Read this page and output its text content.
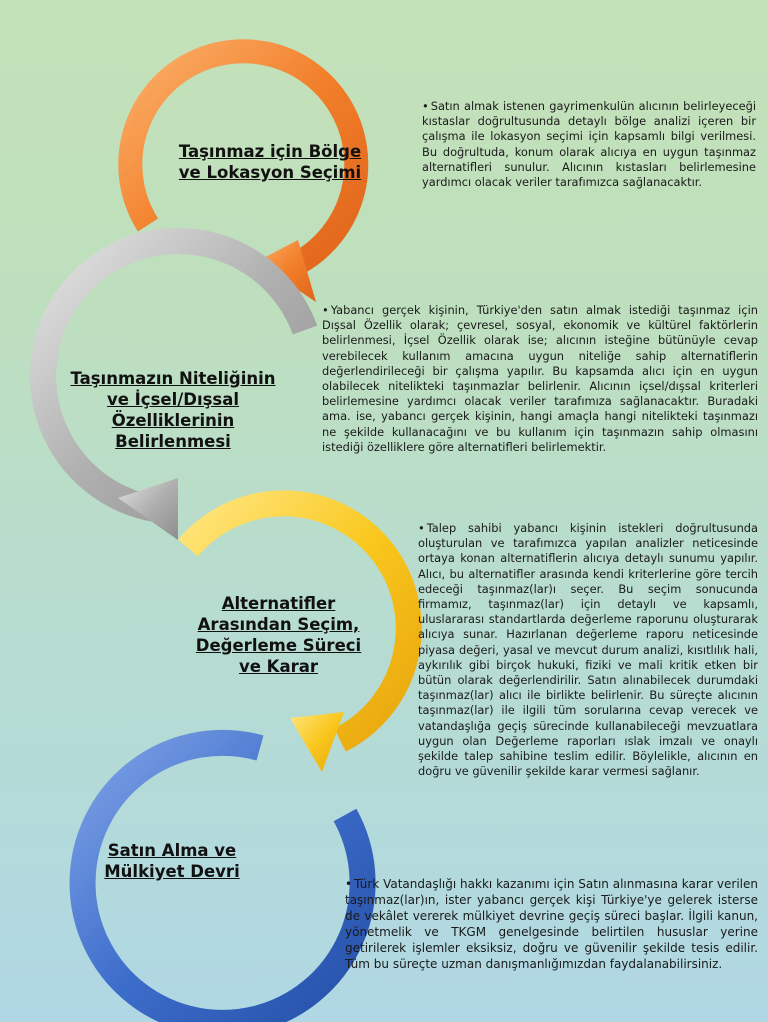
Taşınmaz için Bölge
ve Lokasyon Seçimi
Taşınmazın Niteliğinin
ve İçsel/Dışsal
Özelliklerinin
Belirlenmesi
Alternatifler
Arasından Seçim,
Değerleme Süreci
ve Karar
Satın Alma ve
Mülkiyet Devri
• Satın almak istenen gayrimenkulün alıcının belirleyeceği kıstaslar doğrultusunda detaylı bölge analizi içeren bir çalışma ile lokasyon seçimi için kapsamlı bilgi verilmesi. Bu doğrultuda, konum olarak alıcıya en uygun taşınmaz alternatifleri sunulur. Alıcının kıstasları belirlemesine yardımcı olacak veriler tarafımızca sağlanacaktır.
• Yabancı gerçek kişinin, Türkiye'den satın almak istediği taşınmaz için Dışsal Özellik olarak; çevresel, sosyal, ekonomik ve kültürel faktörlerin belirlenmesi, İçsel Özellik olarak ise; alıcının isteğine bütünüyle cevap verebilecek kullanım amacına uygun niteliğe sahip alternatiflerin değerlendirileceği bir çalışma yapılır. Bu kapsamda alıcı için en uygun olabilecek nitelikteki taşınmazlar belirlenir. Alıcının içsel/dışsal kriterleri belirlemesine yardımcı olacak veriler tarafımıza sağlanacaktır. Buradaki ama. ise, yabancı gerçek kişinin, hangi amaçla hangi nitelikteki taşınmazı ne şekilde kullanacağını ve bu kullanım için taşınmazın sahip olmasını istediği özelliklere göre alternatifleri belirlemektir.
• Talep sahibi yabancı kişinin istekleri doğrultusunda oluşturulan ve tarafımızca yapılan analizler neticesinde ortaya konan alternatiflerin alıcıya detaylı sunumu yapılır. Alıcı, bu alternatifler arasında kendi kriterlerine göre tercih edeceği taşınmaz(lar)ı seçer. Bu seçim sonucunda firmamız, taşınmaz(lar) için detaylı ve kapsamlı, uluslararası standartlarda değerleme raporunu oluşturarak alıcıya sunar. Hazırlanan değerleme raporu neticesinde piyasa değeri, yasal ve mevcut durum analizi, kısıtlılık hali, aykırılık gibi birçok hukuki, fiziki ve mali kritik etken bir bütün olarak değerlendirilir. Satın alınabilecek durumdaki taşınmaz(lar) alıcı ile birlikte belirlenir. Bu süreçte alıcının taşınmaz(lar) ile ilgili tüm sorularına cevap verecek ve vatandaşlığa geçiş sürecinde kullanabileceği mevzuatlara uygun olan Değerleme raporları ıslak imzalı ve onaylı şekilde talep sahibine teslim edilir. Böylelikle, alıcının en doğru ve güvenilir şekilde karar vermesi sağlanır.
• Türk Vatandaşlığı hakkı kazanımı için Satın alınmasına karar verilen taşınmaz(lar)ın, ister yabancı gerçek kişi Türkiye'ye gelerek isterse de vekâlet vererek mülkiyet devrine geçiş süreci başlar. İlgili kanun, yönetmelik ve TKGM genelgesinde belirtilen hususlar yerine getirilerek işlemler eksiksiz, doğru ve güvenilir şekilde tesis edilir. Tüm bu süreçte uzman danışmanlığımızdan faydalanabilirsiniz.
